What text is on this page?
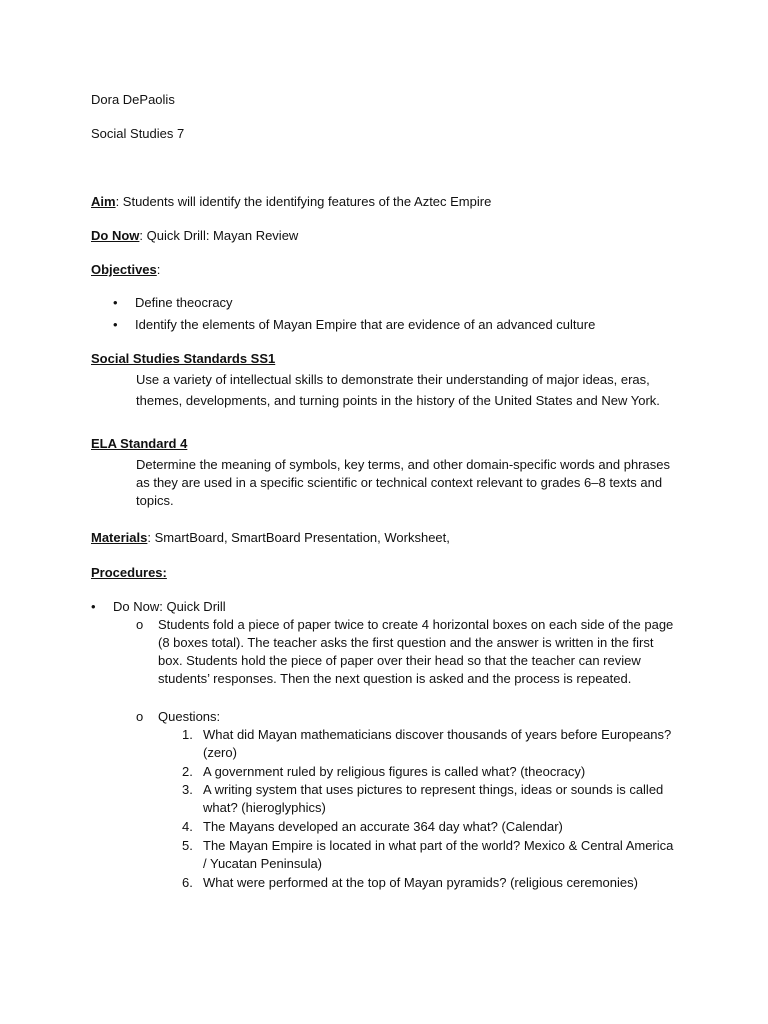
Dora DePaolis
Social Studies 7
Aim: Students will identify the identifying features of the Aztec Empire
Do Now: Quick Drill: Mayan Review
Objectives:
• Define theocracy
• Identify the elements of Mayan Empire that are evidence of an advanced culture
Social Studies Standards SS1
Use a variety of intellectual skills to demonstrate their understanding of major ideas, eras, themes, developments, and turning points in the history of the United States and New York.
ELA Standard 4
Determine the meaning of symbols, key terms, and other domain-specific words and phrases as they are used in a specific scientific or technical context relevant to grades 6–8 texts and topics.
Materials: SmartBoard, SmartBoard Presentation, Worksheet,
Procedures:
• Do Now: Quick Drill
o Students fold a piece of paper twice to create 4 horizontal boxes on each side of the page (8 boxes total). The teacher asks the first question and the answer is written in the first box. Students hold the piece of paper over their head so that the teacher can review students’ responses. Then the next question is asked and the process is repeated.
o Questions:
1. What did Mayan mathematicians discover thousands of years before Europeans? (zero)
2. A government ruled by religious figures is called what? (theocracy)
3. A writing system that uses pictures to represent things, ideas or sounds is called what? (hieroglyphics)
4. The Mayans developed an accurate 364 day what? (Calendar)
5. The Mayan Empire is located in what part of the world? Mexico & Central America / Yucatan Peninsula)
6. What were performed at the top of Mayan pyramids? (religious ceremonies)
